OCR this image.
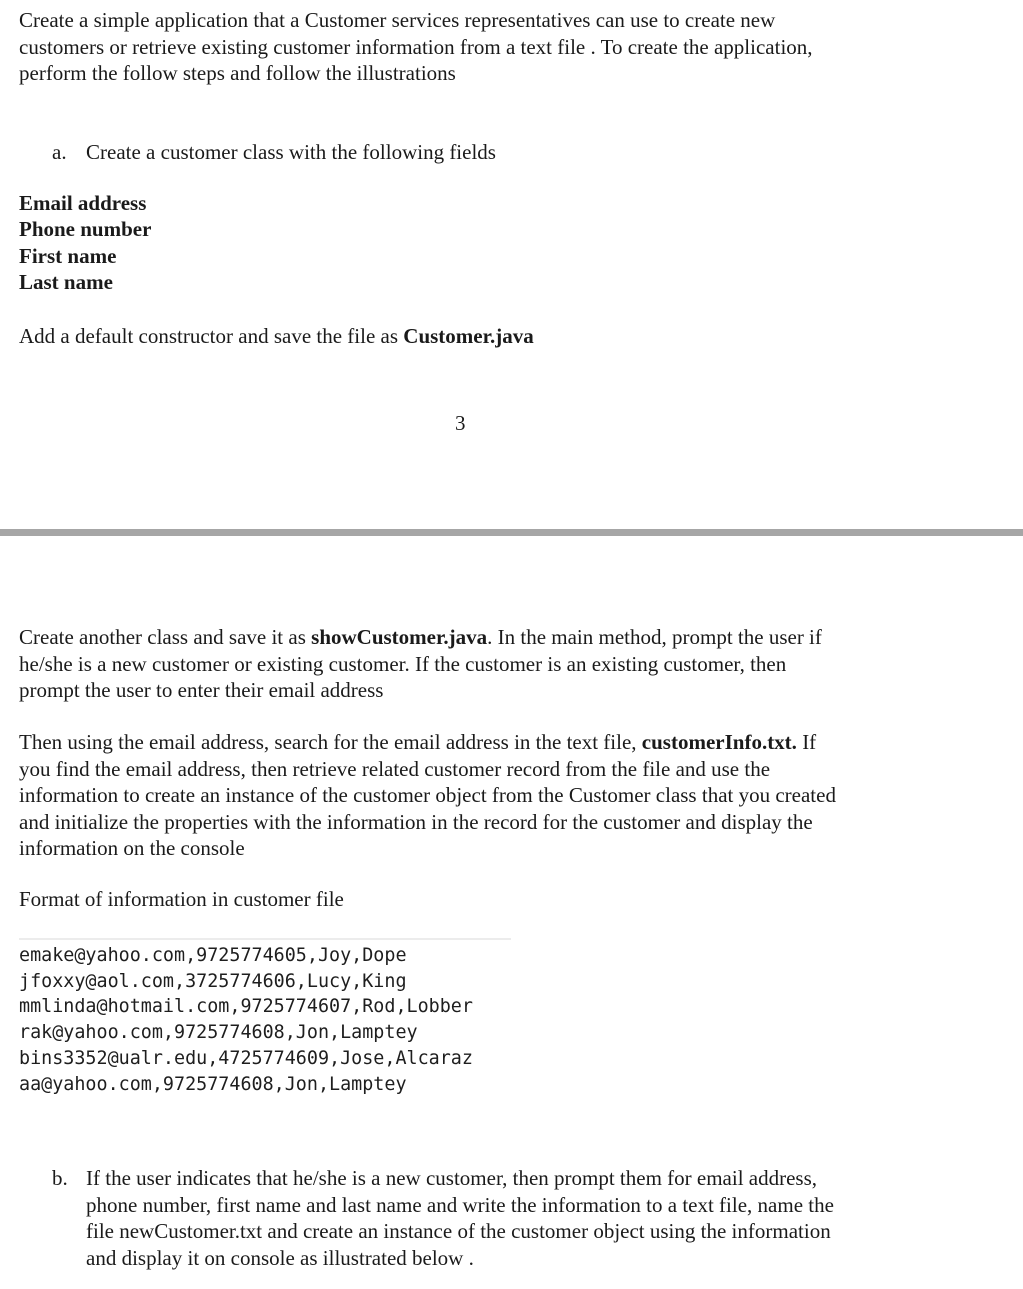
Create a simple application that a Customer services representatives can use to create new
customers or retrieve existing customer information from a text file . To create the application,
perform the follow steps and follow the illustrations
a. Create a customer class with the following fields
Email address
Phone number
First name
Last name
Add a default constructor and save the file as Customer.java
3
Create another class and save it as showCustomer.java. In the main method, prompt the user if
he/she is a new customer or existing customer. If the customer is an existing customer, then
prompt the user to enter their email address
Then using the email address, search for the email address in the text file, customerInfo.txt. If
you find the email address, then retrieve related customer record from the file and use the
information to create an instance of the customer object from the Customer class that you created
and initialize the properties with the information in the record for the customer and display the
information on the console
Format of information in customer file
emake@yahoo.com,9725774605,Joy,Dope
jfoxxy@aol.com,3725774606,Lucy,King
mmlinda@hotmail.com,9725774607,Rod,Lobber
rak@yahoo.com,9725774608,Jon,Lamptey
bins3352@ualr.edu,4725774609,Jose,Alcaraz
aa@yahoo.com,9725774608,Jon,Lamptey
b. If the user indicates that he/she is a new customer, then prompt them for email address,
phone number, first name and last name and write the information to a text file, name the
file newCustomer.txt and create an instance of the customer object using the information
and display it on console as illustrated below .
